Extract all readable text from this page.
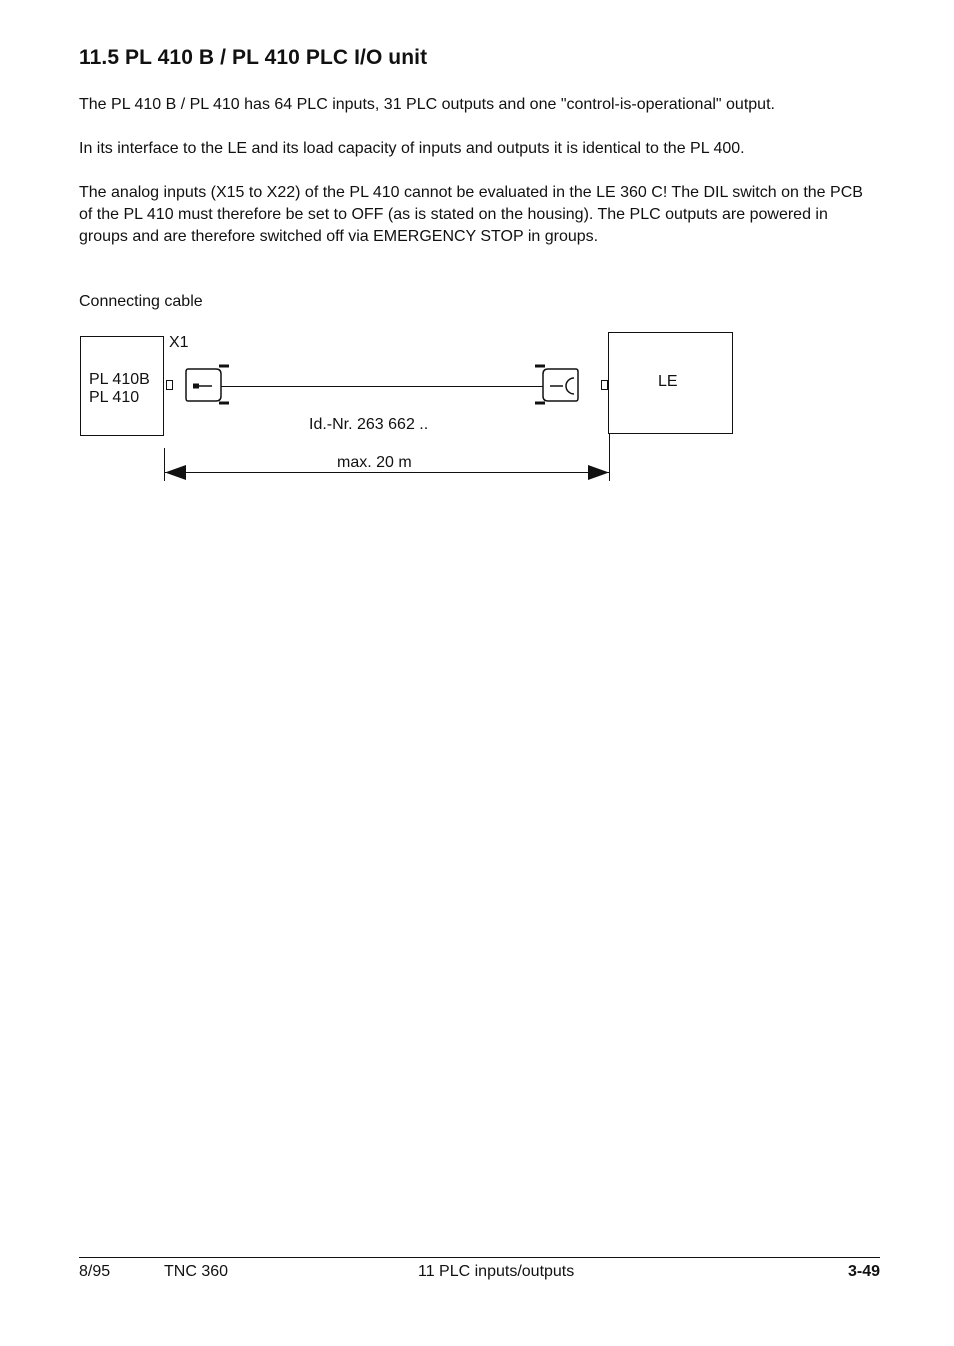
11.5 PL 410 B / PL 410 PLC I/O unit

The PL 410 B / PL 410 has 64 PLC inputs, 31 PLC outputs and one "control-is-operational" output.

In its interface to the LE and its load capacity of inputs and outputs it is identical to the PL 400.

The analog inputs (X15 to X22) of the PL 410 cannot be evaluated in the LE 360 C! The DIL switch on the PCB of the PL 410 must therefore be set to OFF (as is stated on the housing). The PLC outputs are powered in groups and are therefore switched off via EMERGENCY STOP in groups.

Connecting cable

PL 410B
PL 410
X1
LE
Id.-Nr. 263 662 ..
max. 20 m

8/95	TNC 360	11 PLC inputs/outputs	3-49
